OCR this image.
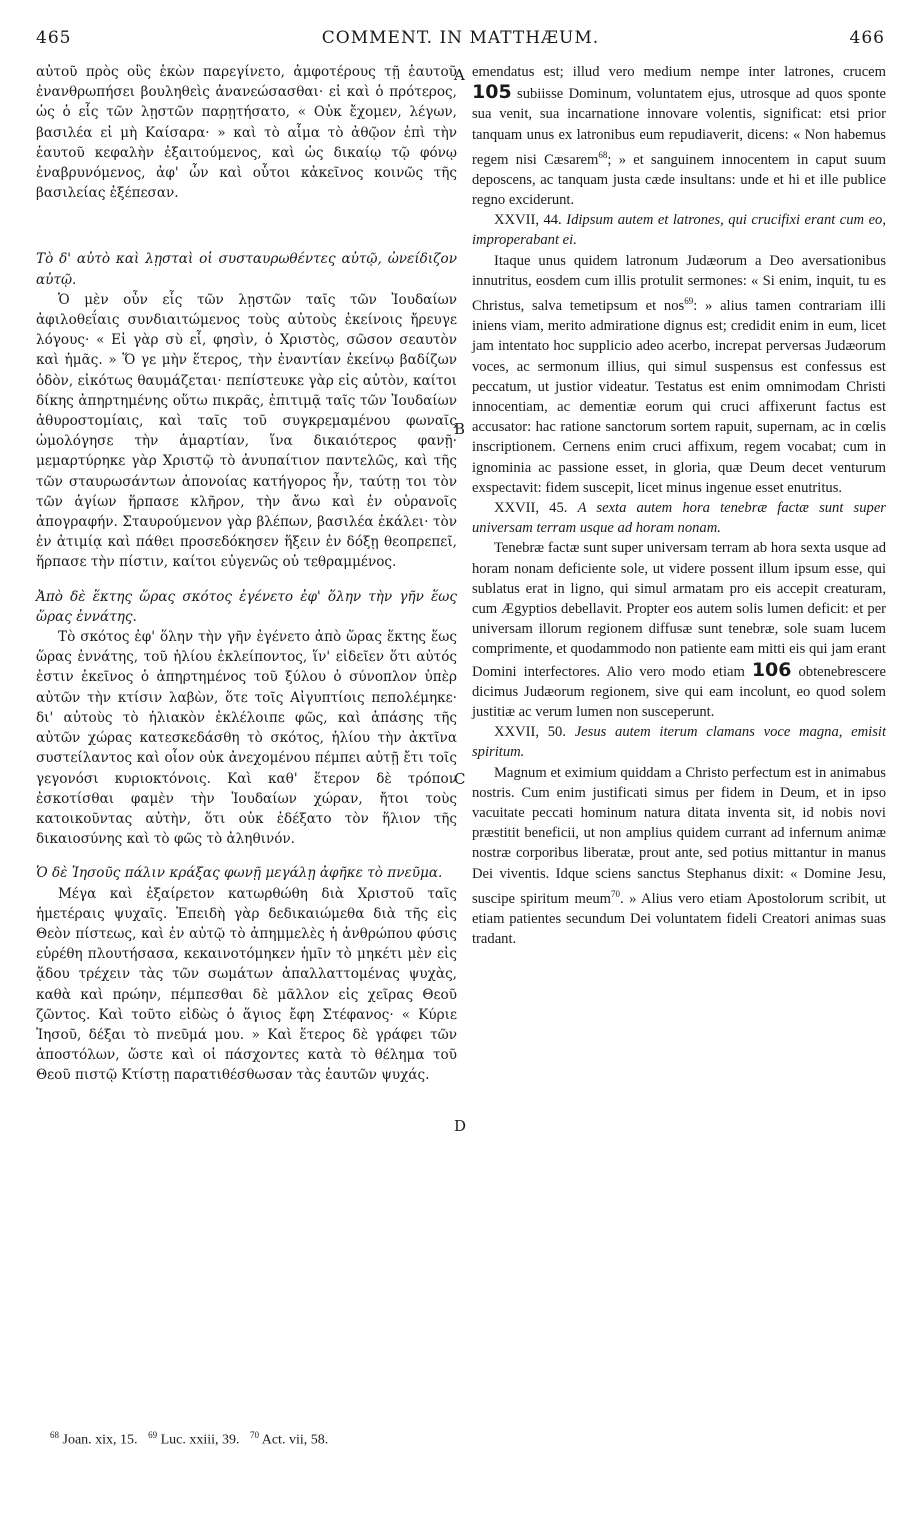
465	COMMENT. IN MATTHÆUM.	466

αὐτοῦ πρὸς οὓς ἑκὼν παρεγίνετο, ἀμφοτέρους τῇ ἑαυτοῦ ἐνανθρωπήσει βουληθεὶς ἀνανεώσασθαι· εἰ καὶ ὁ πρότερος, ὡς ὁ εἷς τῶν λῃστῶν παρῃτήσατο, « Οὐκ ἔχομεν, λέγων, βασιλέα εἰ μὴ Καίσαρα· » καὶ τὸ αἷμα τὸ ἀθῷον ἐπὶ τὴν ἑαυτοῦ κεφαλὴν ἐξαιτούμενος, καὶ ὡς δικαίῳ τῷ φόνῳ ἐναβρυνόμενος, ἀφ' ὧν καὶ οὗτοι κἀκεῖνος κοινῶς τῆς βασιλείας ἐξέπεσαν.

Τὸ δ' αὐτὸ καὶ λῃσταὶ οἱ συσταυρωθέντες αὐτῷ, ὠνείδιζον αὐτῷ.

Ὁ μὲν οὖν εἷς τῶν λῃστῶν ταῖς τῶν Ἰουδαίων ἀφιλοθεΐαις συνδιαιτώμενος τοὺς αὐτοὺς ἐκείνοις ἤρευγε λόγους· « Εἰ γὰρ σὺ εἶ, φησὶν, ὁ Χριστὸς, σῶσον σεαυτὸν καὶ ἡμᾶς. » Ὅ γε μὴν ἕτερος, τὴν ἐναντίαν ἐκείνῳ βαδίζων ὁδὸν, εἰκότως θαυμάζεται· πεπίστευκε γὰρ εἰς αὐτὸν, καίτοι δίκης ἀπηρτημένης οὕτω πικρᾶς, ἐπιτιμᾷ ταῖς τῶν Ἰουδαίων ἀθυροστομίαις, καὶ ταῖς τοῦ συγκρεμαμένου φωναῖς ὡμολόγησε τὴν ἁμαρτίαν, ἵνα δικαιότερος φανῇ· μεμαρτύρηκε γὰρ Χριστῷ τὸ ἀνυπαίτιον παντελῶς, καὶ τῆς τῶν σταυρωσάντων ἀπονοίας κατήγορος ἦν, ταύτῃ τοι τὸν τῶν ἁγίων ἥρπασε κλῆρον, τὴν ἄνω καὶ ἐν οὐρανοῖς ἀπογραφήν. Σταυρούμενον γὰρ βλέπων, βασιλέα ἐκάλει· τὸν ἐν ἀτιμίᾳ καὶ πάθει προσεδόκησεν ἥξειν ἐν δόξῃ θεοπρεπεῖ, ἥρπασε τὴν πίστιν, καίτοι εὐγενῶς οὐ τεθραμμένος.

Ἀπὸ δὲ ἕκτης ὥρας σκότος ἐγένετο ἐφ' ὅλην τὴν γῆν ἕως ὥρας ἐννάτης.

Τὸ σκότος ἐφ' ὅλην τὴν γῆν ἐγένετο ἀπὸ ὥρας ἕκτης ἕως ὥρας ἐννάτης, τοῦ ἡλίου ἐκλείποντος, ἵν' εἰδεῖεν ὅτι αὐτός ἐστιν ἐκεῖνος ὁ ἀπηρτημένος τοῦ ξύλου ὁ σύνοπλον ὑπὲρ αὐτῶν τὴν κτίσιν λαβὼν, ὅτε τοῖς Αἰγυπτίοις πεπολέμηκε· δι' αὐτοὺς τὸ ἡλιακὸν ἐκλέλοιπε φῶς, καὶ ἁπάσης τῆς αὐτῶν χώρας κατεσκεδάσθη τὸ σκότος, ἡλίου τὴν ἀκτῖνα συστείλαντος καὶ οἷον οὐκ ἀνεχομένου πέμπει αὐτῇ ἔτι τοῖς γεγονόσι κυριοκτόνοις. Καὶ καθ' ἕτερον δὲ τρόπον ἐσκοτίσθαι φαμὲν τὴν Ἰουδαίων χώραν, ἤτοι τοὺς κατοικοῦντας αὐτὴν, ὅτι οὐκ ἐδέξατο τὸν ἥλιον τῆς δικαιοσύνης καὶ τὸ φῶς τὸ ἀληθινόν.

Ὁ δὲ Ἰησοῦς πάλιν κράξας φωνῇ μεγάλῃ ἀφῆκε τὸ πνεῦμα.

Μέγα καὶ ἐξαίρετον κατωρθώθη διὰ Χριστοῦ ταῖς ἡμετέραις ψυχαῖς. Ἐπειδὴ γὰρ δεδικαιώμεθα διὰ τῆς εἰς Θεὸν πίστεως, καὶ ἐν αὐτῷ τὸ ἀπημμελὲς ἡ ἀνθρώπου φύσις εὑρέθη πλουτήσασα, κεκαινοτόμηκεν ἡμῖν τὸ μηκέτι μὲν εἰς ᾅδου τρέχειν τὰς τῶν σωμάτων ἀπαλλαττομένας ψυχὰς, καθὰ καὶ πρώην, πέμπεσθαι δὲ μᾶλλον εἰς χεῖρας Θεοῦ ζῶντος. Καὶ τοῦτο εἰδὼς ὁ ἅγιος ἔφη Στέφανος· « Κύριε Ἰησοῦ, δέξαι τὸ πνεῦμά μου. » Καὶ ἕτερος δὲ γράφει τῶν ἀποστόλων, ὥστε καὶ οἱ πάσχοντες κατὰ τὸ θέλημα τοῦ Θεοῦ πιστῷ Κτίστῃ παρατιθέσθωσαν τὰς ἑαυτῶν ψυχάς.

emendatus est; illud vero medium nempe inter latrones, crucem 105 subiisse Dominum, voluntatem ejus, utrosque ad quos sponte sua venit, sua incarnatione innovare volentis, significat: etsi prior tanquam unus ex latronibus eum repudiaverit, dicens: « Non habemus regem nisi Cæsarem$^{68}$; » et sanguinem innocentem in caput suum deposcens, ac tanquam justa cæde insultans: unde et hi et ille publice regno exciderunt.

XXVII, 44. Idipsum autem et latrones, qui crucifixi erant cum eo, improperabant ei.

Itaque unus quidem latronum Judæorum a Deo aversationibus innutritus, eosdem cum illis protulit sermones: « Si enim, inquit, tu es Christus, salva temetipsum et nos$^{69}$: » alius tamen contrariam illi iniens viam, merito admiratione dignus est; credidit enim in eum, licet jam intentato hoc supplicio adeo acerbo, increpat perversas Judæorum voces, ac sermonum illius, qui simul suspensus est confessus est peccatum, ut justior videatur. Testatus est enim omnimodam Christi innocentiam, ac dementiæ eorum qui cruci affixerunt factus est accusator: hac ratione sanctorum sortem rapuit, supernam, ac in cœlis inscriptionem. Cernens enim cruci affixum, regem vocabat; cum in ignominia ac passione esset, in gloria, quæ Deum decet venturum exspectavit: fidem suscepit, licet minus ingenue esset enutritus.

XXVII, 45. A sexta autem hora tenebræ factæ sunt super universam terram usque ad horam nonam.

Tenebræ factæ sunt super universam terram ab hora sexta usque ad horam nonam deficiente sole, ut videre possent illum ipsum esse, qui sublatus erat in ligno, qui simul armatam pro eis accepit creaturam, cum Ægyptios debellavit. Propter eos autem solis lumen deficit: et per universam illorum regionem diffusæ sunt tenebræ, sole suam lucem comprimente, et quodammodo non patiente eam mitti eis qui jam erant Domini interfectores. Alio vero modo etiam 106 obtenebrescere dicimus Judæorum regionem, sive qui eam incolunt, eo quod solem justitiæ ac verum lumen non susceperunt.

XXVII, 50. Jesus autem iterum clamans voce magna, emisit spiritum.

Magnum et eximium quiddam a Christo perfectum est in animabus nostris. Cum enim justificati simus per fidem in Deum, et in ipso vacuitate peccati hominum natura ditata inventa sit, id nobis novi præstitit beneficii, ut non amplius quidem currant ad infernum animæ nostræ corporibus liberatæ, prout ante, sed potius mittantur in manus Dei viventis. Idque sciens sanctus Stephanus dixit: « Domine Jesu, suscipe spiritum meum$^{70}$. » Alius vero etiam Apostolorum scribit, ut etiam patientes secundum Dei voluntatem fideli Creatori animas suas tradant.

A
B
C
D
$^{68}$ Joan. xix, 15. $^{69}$ Luc. xxiii, 39. $^{70}$ Act. vii, 58.
